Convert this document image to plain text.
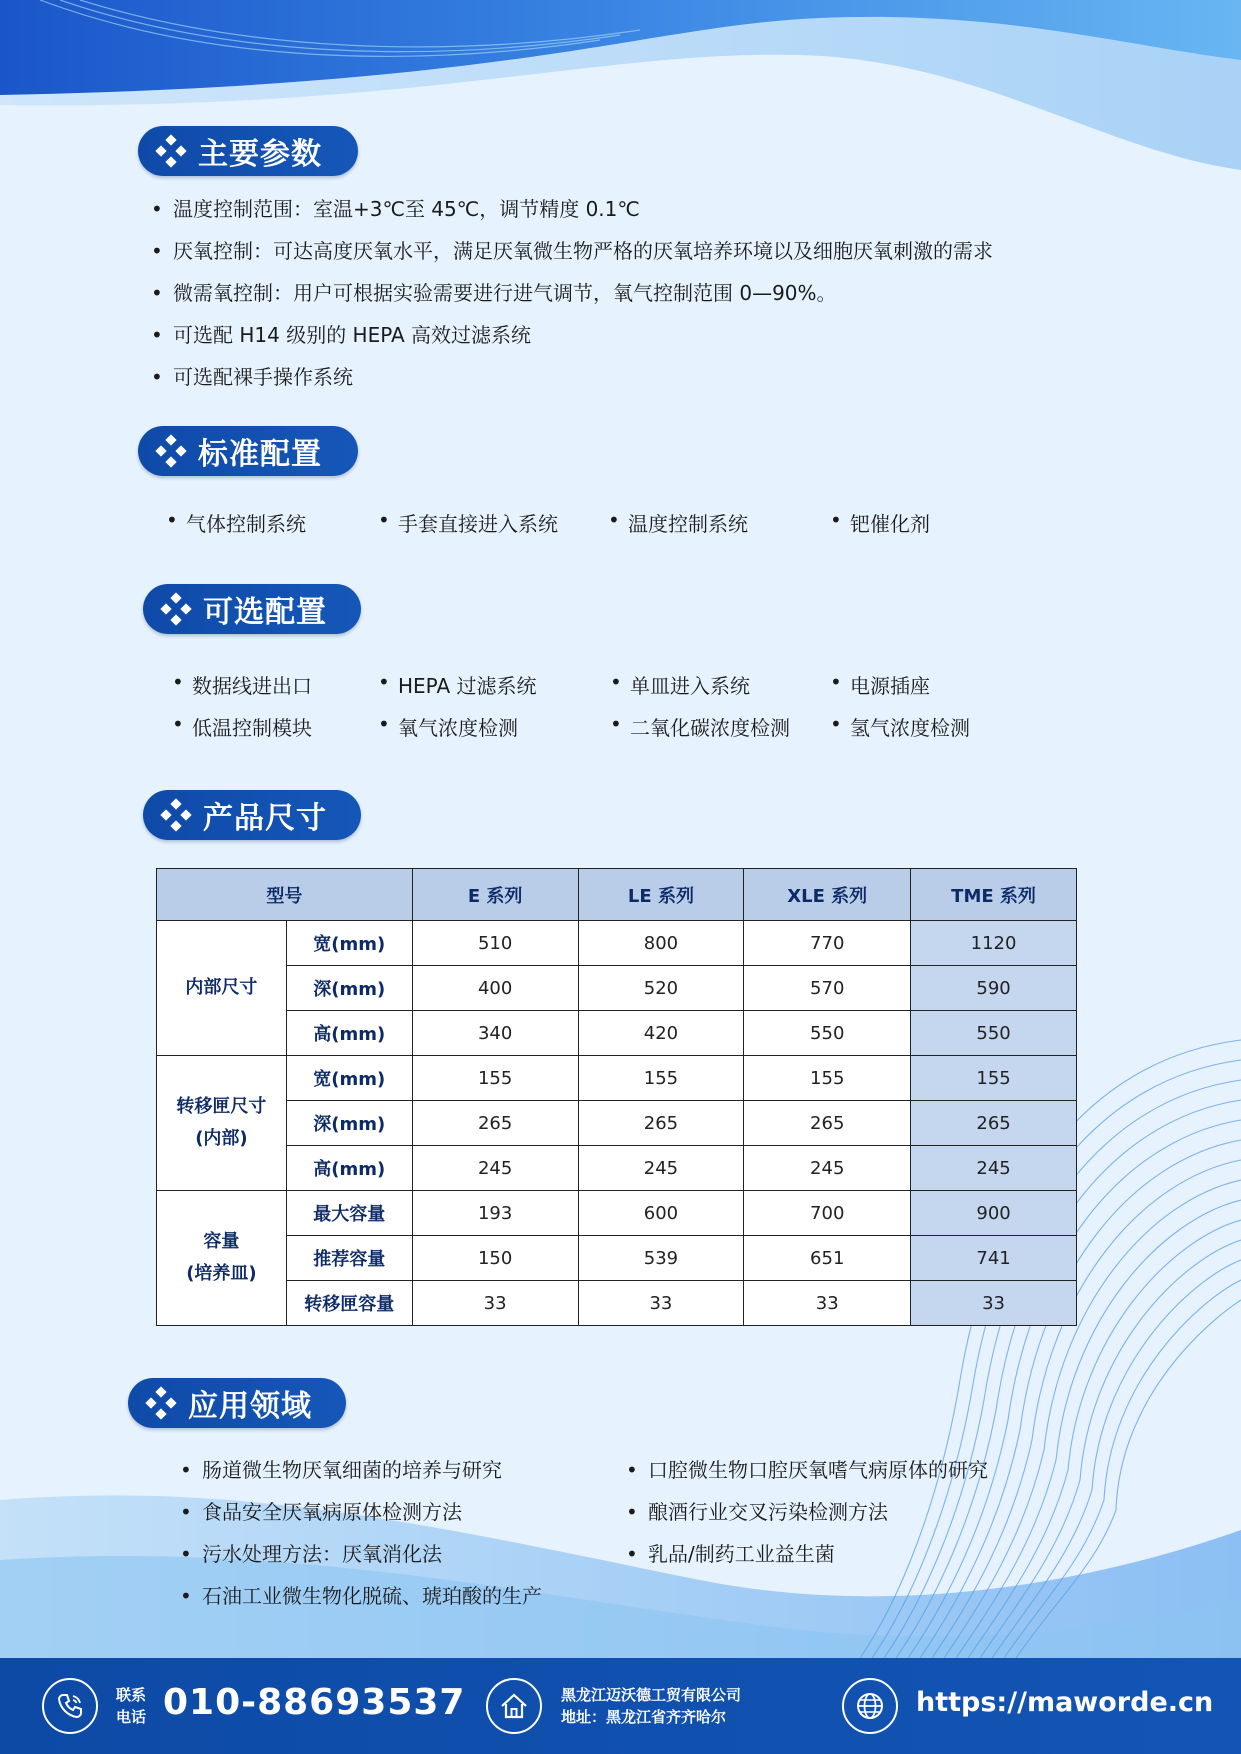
主要参数
• 温度控制范围：室温+3℃至 45℃，调节精度 0.1℃
• 厌氧控制：可达高度厌氧水平，满足厌氧微生物严格的厌氧培养环境以及细胞厌氧刺激的需求
• 微需氧控制：用户可根据实验需要进行进气调节，氧气控制范围 0—90%。
• 可选配 H14 级别的 HEPA 高效过滤系统
• 可选配裸手操作系统
标准配置
• 气体控制系统	• 手套直接进入系统	• 温度控制系统	• 钯催化剂
可选配置
• 数据线进出口	• HEPA 过滤系统	• 单皿进入系统	• 电源插座
• 低温控制模块	• 氧气浓度检测	• 二氧化碳浓度检测	• 氢气浓度检测
产品尺寸
型号		E 系列	LE 系列	XLE 系列	TME 系列
内部尺寸	宽(mm)	510	800	770	1120
	深(mm)	400	520	570	590
	高(mm)	340	420	550	550

转移匣尺寸
(内部)	宽(mm)	155	155	155	155
	深(mm)	265	265	265	265
	高(mm)	245	245	245	245

容量
(培养皿)	最大容量	193	600	700	900
	推荐容量	150	539	651	741
	转移匣容量	33	33	33	33
应用领域
• 肠道微生物厌氧细菌的培养与研究
• 食品安全厌氧病原体检测方法
• 污水处理方法：厌氧消化法
• 石油工业微生物化脱硫、琥珀酸的生产
• 口腔微生物口腔厌氧嗜气病原体的研究
• 酿酒行业交叉污染检测方法
• 乳品/制药工业益生菌
联系
电话 010-88693537	黑龙江迈沃德工贸有限公司
地址：黑龙江省齐齐哈尔	https://maworde.cn
